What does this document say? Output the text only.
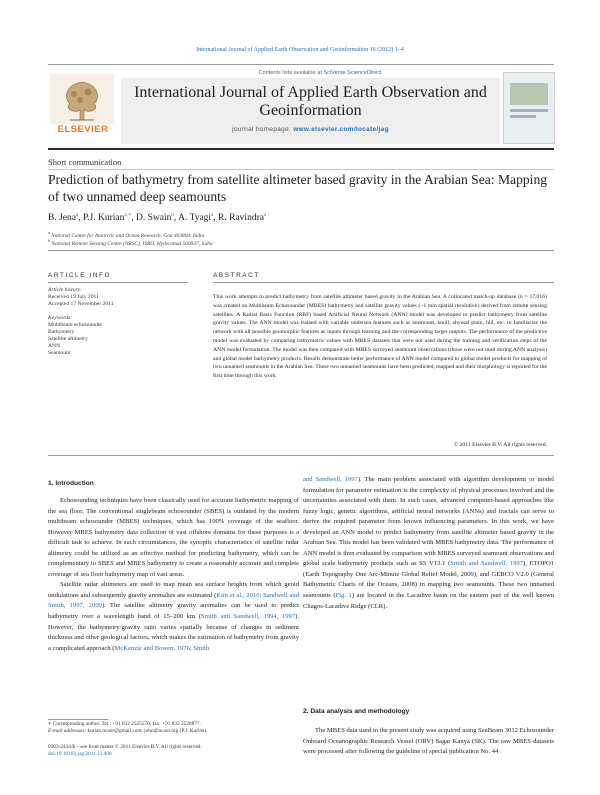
International Journal of Applied Earth Observation and Geoinformation 16 (2012) 1–4
Contents lists available at SciVerse ScienceDirect
ELSEVIER
International Journal of Applied Earth Observation and Geoinformation
journal homepage: www.elsevier.com/locate/jag
Short communication
Prediction of bathymetry from satellite altimeter based gravity in the Arabian Sea: Mapping of two unnamed deep seamounts
B. Jena$^a$, P.J. Kurian$^{a,∗}$, D. Swain$^b$, A. Tyagi$^a$, R. Ravindra$^a$
$^a$ National Centre for Antarctic and Ocean Research, Goa 403804, India
$^b$ National Remote Sensing Centre (NRSC), ISRO, Hyderabad 500037, India
ARTICLE INFO	ABSTRACT
Article history:
Received 19 July 2011
Accepted 17 November 2011
Keywords:
Multibeam echosounder
Bathymetry
Satellite altimetry
ANN
Seamount
This work attempts to predict bathymetry from satellite altimeter based gravity in the Arabian Sea. A collocated match-up database (n = 17,016) was created on Multibeam Echosounder (MBES) bathymetry and satellite gravity values (~1 min spatial resolution) derived from remote sensing satellites. A Radial Basis Function (RBF) based Artificial Neural Network (ANN) model was developed to predict bathymetry from satellite gravity values. The ANN model was trained with variable undersea features such as seamount, knoll, abyssal plain, hill, etc. to familiarize the network with all possible geomorphic features as inputs through learning and the corresponding target outputs. The performance of the predictive model was evaluated by comparing bathymetric values with MBES datasets that were not used during the training and verification steps of the ANN model formulation. The model was then compared with MBES surveyed seamount observations (those were not used during ANN analysis) and global model bathymetry products. Results demonstrate better performance of ANN model compared to global model products for mapping of two unnamed seamounts in the Arabian Sea. These two unnamed seamounts have been predicted, mapped and their morphology is reported for the first time through this work.
© 2011 Elsevier B.V. All rights reserved.
1. Introduction

Echosounding techniques have been classically used for accurate bathymetric mapping of the sea floor. The conventional singlebeam echosounder (SBES) is outdated by the modern multibeam echosounder (MBES) techniques, which has 100% coverage of the seafloor. However MBES bathymetry data collection of vast offshore domains for these purposes is a difficult task to achieve. In such circumstances, the synoptic characteristics of satellite radar altimetry could be utilized as an effective method for predicting bathymetry, which can be complementary to SBES and MBES bathymetry to create a reasonably accurate and complete coverage of sea floor bathymetry map of vast areas.

Satellite radar altimeters are used to map mean sea surface heights from which geoid undulations and subsequently gravity anomalies are estimated (Kim et al., 2010; Sandwell and Smith, 1997, 2009). The satellite altimetry gravity anomalies can be used to predict bathymetry over a wavelength band of 15–200 km (Smith and Sandwell, 1994, 1997). However, the bathymetry/gravity ratio varies spatially because of changes in sediment thickness and other geological factors, which makes the estimation of bathymetry from gravity a complicated approach (McKenzie and Bowen, 1976; Smith

and Sandwell, 1997). The main problem associated with algorithm development or model formulation for parameter estimation is the complexity of physical processes involved and the uncertainties associated with them. In such cases, advanced computer-based approaches like fuzzy logic, genetic algorithms, artificial neural networks (ANNs) and fractals can serve to derive the required parameter from known influencing parameters. In this work, we have developed an ANN model to predict bathymetry from satellite altimeter based gravity in the Arabian Sea. This model has been validated with MBES bathymetry data. The performance of ANN model is then evaluated by comparison with MBES surveyed seamount observations and global scale bathymetry products such as SS V13.1 (Smith and Sandwell, 1997), ETOPO1 (Earth Topography One Arc-Minute Global Relief Model, 2009), and GEBCO V2.0 (General Bathymetric Charts of the Oceans, 2008) in mapping two seamounts. These two unnamed seamounts (Fig. 1) are located in the Lacadive basin on the eastern part of the well known Chagos-Lacadive Ridge (CLR).

2. Data analysis and methodology

The MBES data used in the present study was acquired using SeaBeam 3012 Echosounder Onboard Oceanographic Research Vessel (ORV) Sagar Kanya (SK). The raw MBES datasets were processed after following the guideline of special publication No. 44

∗ Corresponding author. Tel.: +91 832 2525570; fax: +91 832 2520877.
E-mail addresses: kurian.ncaor@gmail.com, john@ncaor.org (P.J. Kurian).
0303-2434/$ – see front matter © 2011 Elsevier B.V. All rights reserved.
doi:10.1016/j.jag.2011.11.008
